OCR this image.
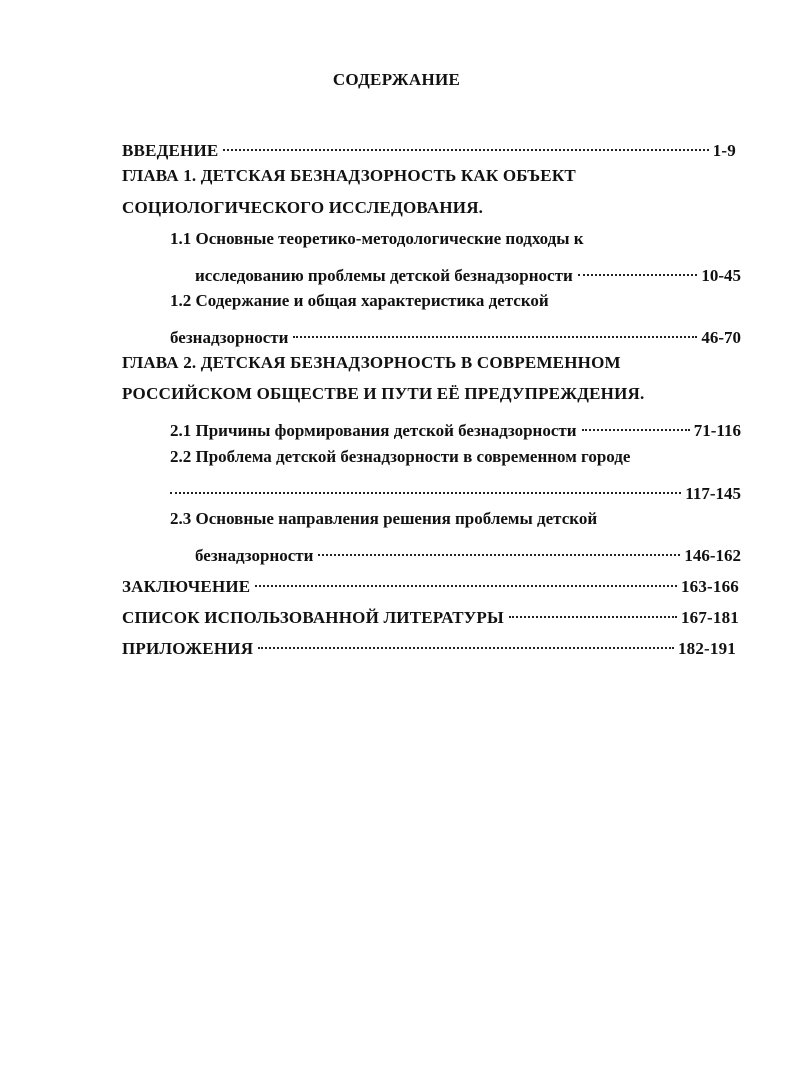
СОДЕРЖАНИЕ
ВВЕДЕНИЕ	1-9
ГЛАВА 1. ДЕТСКАЯ БЕЗНАДЗОРНОСТЬ КАК ОБЪЕКТ
СОЦИОЛОГИЧЕСКОГО ИССЛЕДОВАНИЯ.
1.1 Основные теоретико-методологические подходы к
исследованию проблемы детской безнадзорности	10-45
1.2 Содержание и общая характеристика детской
безнадзорности	46-70
ГЛАВА 2. ДЕТСКАЯ БЕЗНАДЗОРНОСТЬ В СОВРЕМЕННОМ
РОССИЙСКОМ ОБЩЕСТВЕ И ПУТИ ЕЁ ПРЕДУПРЕЖДЕНИЯ.
2.1 Причины формирования детской безнадзорности	71-116
2.2 Проблема детской безнадзорности в современном городе
117-145
2.3 Основные направления решения проблемы детской
безнадзорности	146-162
ЗАКЛЮЧЕНИЕ	163-166
СПИСОК ИСПОЛЬЗОВАННОЙ ЛИТЕРАТУРЫ	167-181
ПРИЛОЖЕНИЯ	182-191
